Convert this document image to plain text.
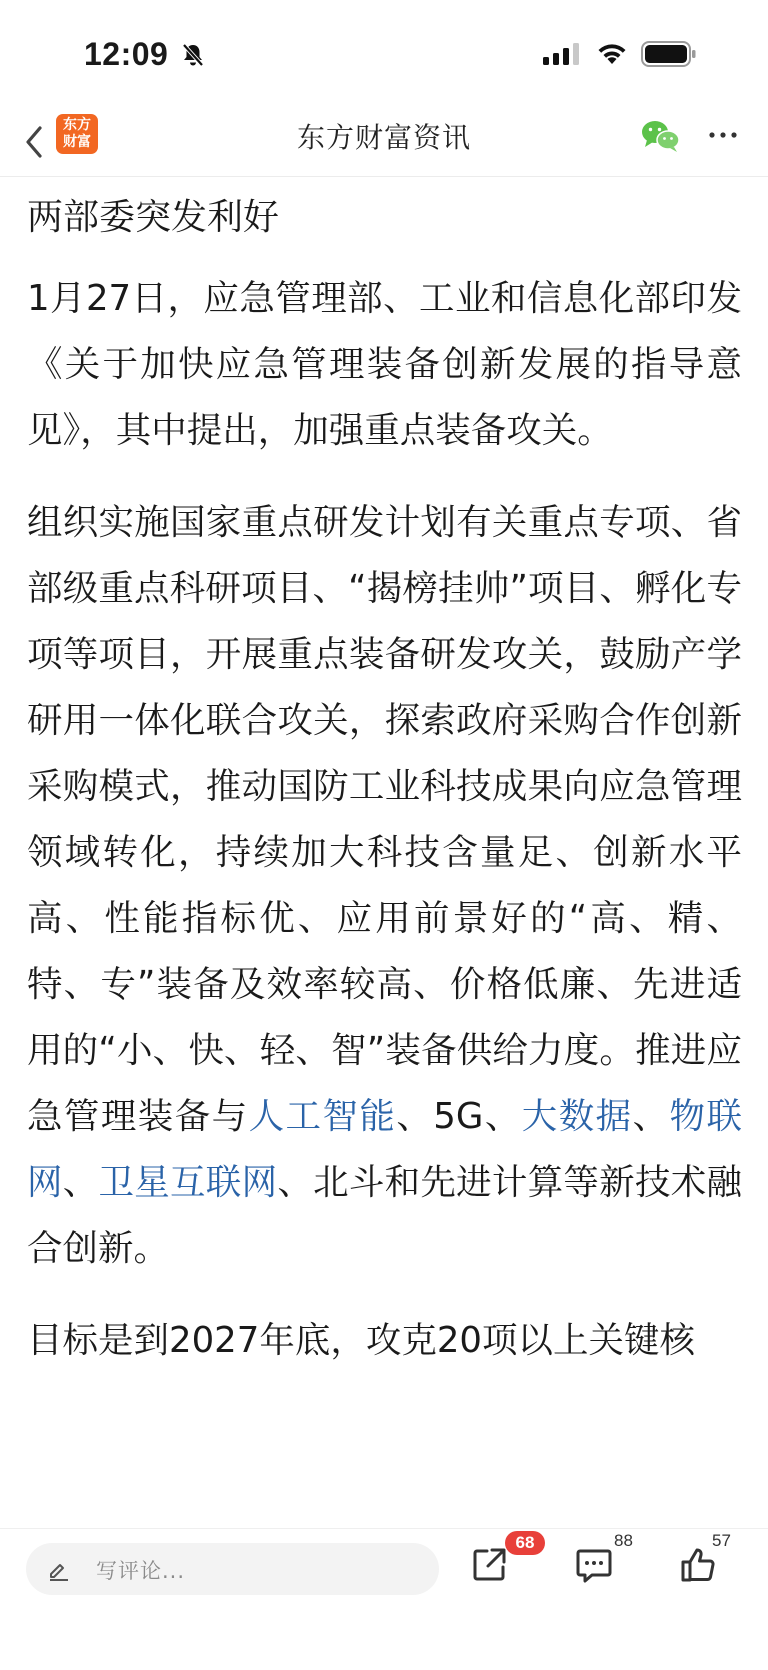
12:09
东方
财富	东方财富资讯
两部委突发利好

1月27日，应急管理部、工业和信息化部印发《关于加快应急管理装备创新发展的指导意见》，其中提出，加强重点装备攻关。

组织实施国家重点研发计划有关重点专项、省部级重点科研项目、“揭榜挂帅”项目、孵化专项等项目，开展重点装备研发攻关，鼓励产学研用一体化联合攻关，探索政府采购合作创新采购模式，推动国防工业科技成果向应急管理领域转化，持续加大科技含量足、创新水平高、性能指标优、应用前景好的“高、精、特、专”装备及效率较高、价格低廉、先进适用的“小、快、轻、智”装备供给力度。推进应急管理装备与人工智能、5G、大数据、物联网、卫星互联网、北斗和先进计算等新技术融合创新。

目标是到2027年底，攻克20项以上关键核

写评论...
68	88	57
